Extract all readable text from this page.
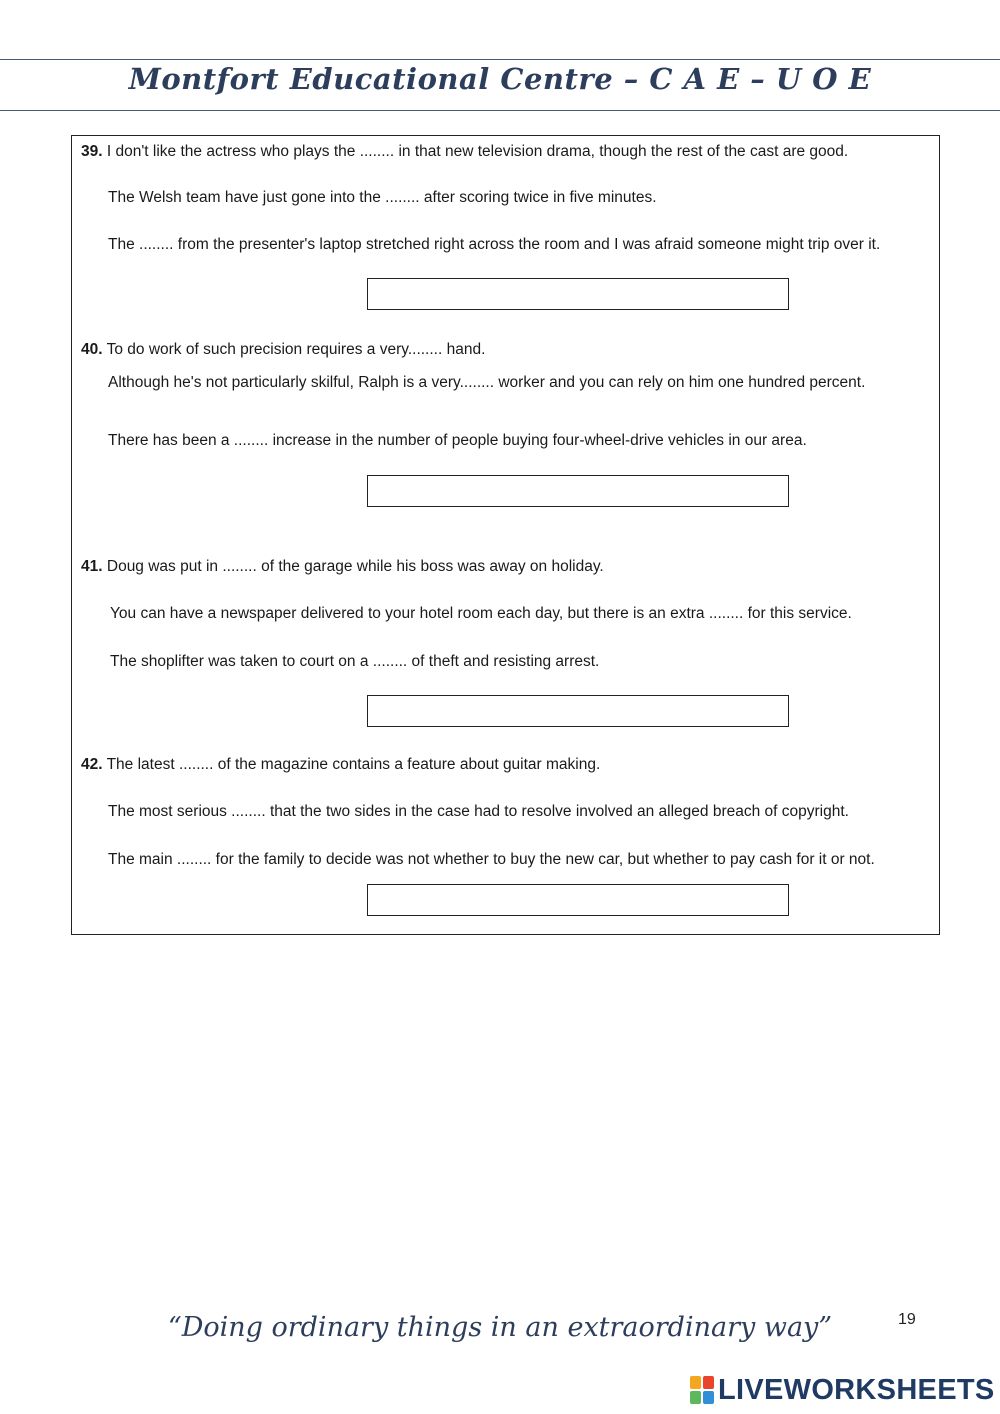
Montfort Educational Centre – C A E – U O E
39. I don't like the actress who plays the ........ in that new television drama, though the rest of the cast are good.
The Welsh team have just gone into the ........ after scoring twice in five minutes.
The ........ from the presenter's laptop stretched right across the room and I was afraid someone might trip over it.
40. To do work of such precision requires a very........ hand.
Although he's not particularly skilful, Ralph is a very........ worker and you can rely on him one hundred percent.
There has been a ........ increase in the number of people buying four-wheel-drive vehicles in our area.
41. Doug was put in ........ of the garage while his boss was away on holiday.
You can have a newspaper delivered to your hotel room each day, but there is an extra ........ for this service.
The shoplifter was taken to court on a ........ of theft and resisting arrest.
42. The latest ........ of the magazine contains a feature about guitar making.
The most serious ........ that the two sides in the case had to resolve involved an alleged breach of copyright.
The main ........ for the family to decide was not whether to buy the new car, but whether to pay cash for it or not.
“Doing ordinary things in an extraordinary way”	19
LIVEWORKSHEETS
